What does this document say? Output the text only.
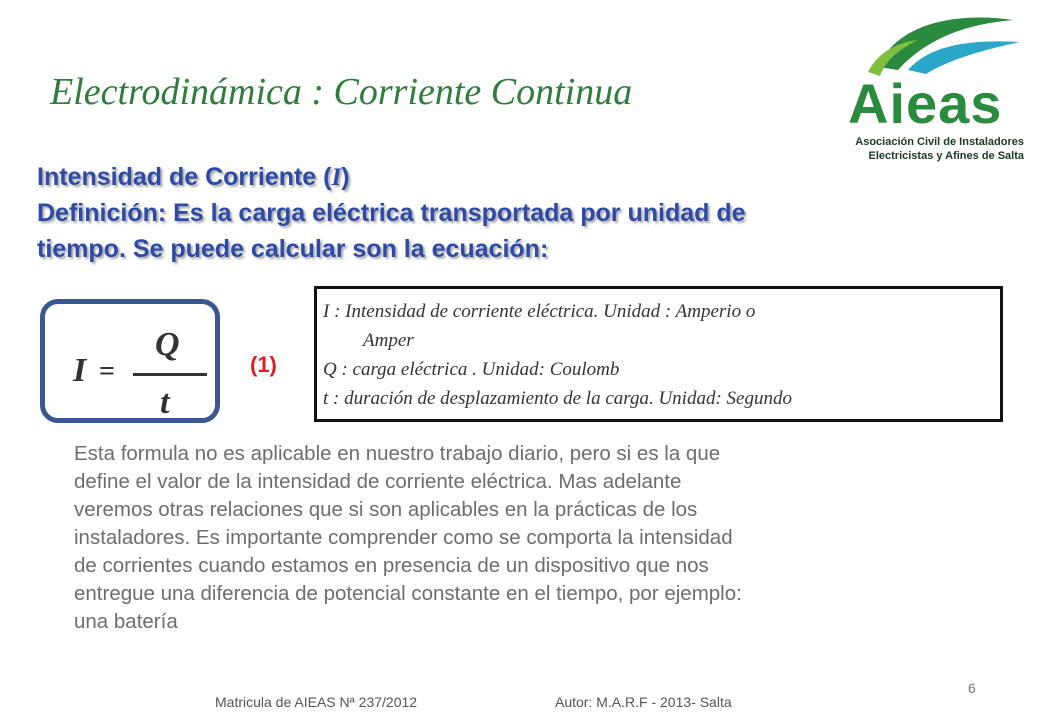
Electrodinámica : Corriente Continua	Aieas
Asociación Civil de Instaladores
Electricistas y Afines de Salta
Intensidad de Corriente (I)
Definición: Es la carga eléctrica transportada por unidad de
tiempo. Se puede calcular son la ecuación:
I =
Q
t
(1)
I : Intensidad de corriente eléctrica. Unidad : Amperio o
Amper
Q : carga eléctrica . Unidad: Coulomb
t : duración de desplazamiento de la carga. Unidad: Segundo
Esta formula no es aplicable en nuestro trabajo diario, pero si es la que
define el valor de la intensidad de corriente eléctrica. Mas adelante
veremos otras relaciones que si son aplicables en la prácticas de los
instaladores. Es importante comprender como se comporta la intensidad
de corrientes cuando estamos en presencia de un dispositivo que nos
entregue una diferencia de potencial constante en el tiempo, por ejemplo:
una batería
6
Matricula de AIEAS Nª 237/2012	Autor: M.A.R.F - 2013- Salta
